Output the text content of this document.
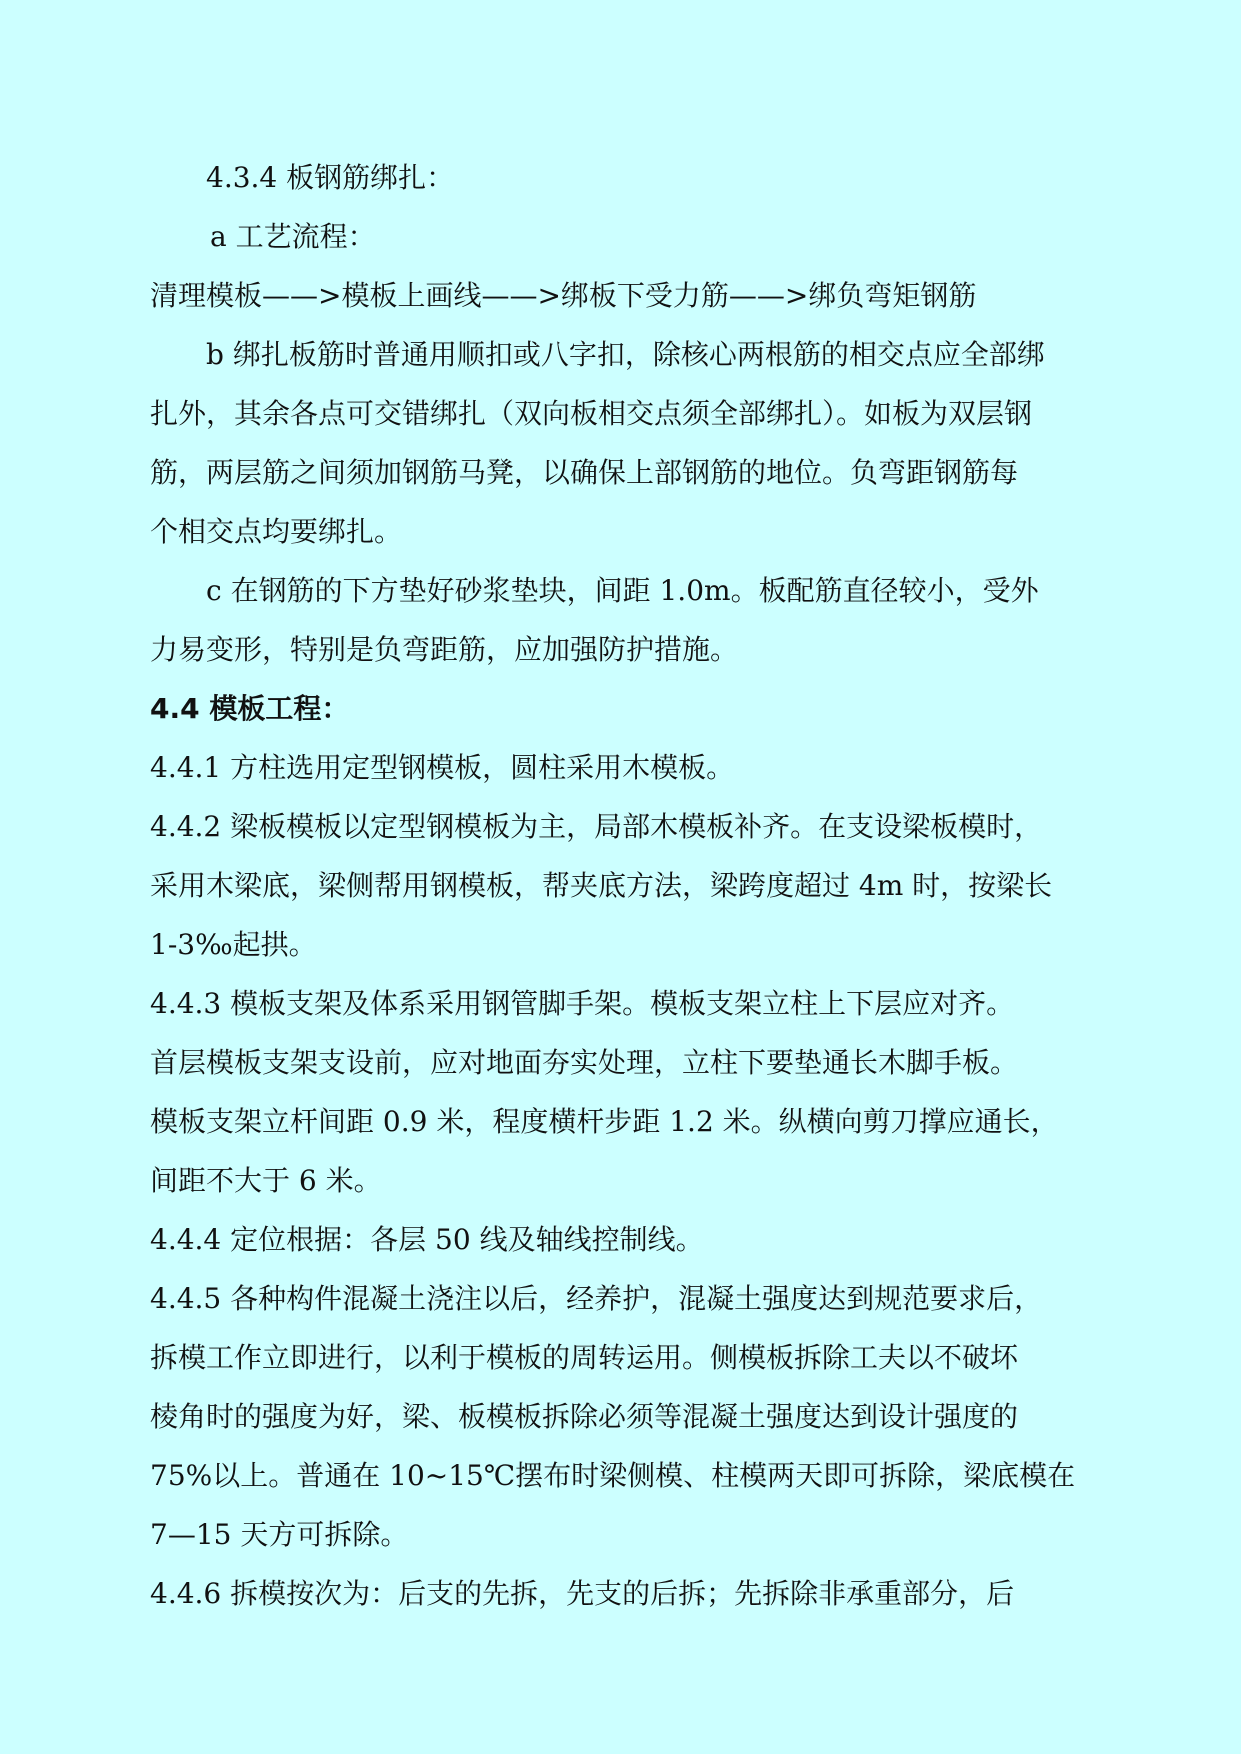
4.3.4 板钢筋绑扎：
a 工艺流程：
清理模板——>模板上画线——>绑板下受力筋——>绑负弯矩钢筋
b 绑扎板筋时普通用顺扣或八字扣，除核心两根筋的相交点应全部绑
扎外，其余各点可交错绑扎（双向板相交点须全部绑扎）。如板为双层钢
筋，两层筋之间须加钢筋马凳，以确保上部钢筋的地位。负弯距钢筋每
个相交点均要绑扎。
c 在钢筋的下方垫好砂浆垫块，间距 1.0m。板配筋直径较小，受外
力易变形，特别是负弯距筋，应加强防护措施。
4.4 模板工程：
4.4.1 方柱选用定型钢模板，圆柱采用木模板。
4.4.2 梁板模板以定型钢模板为主，局部木模板补齐。在支设梁板模时，
采用木梁底，梁侧帮用钢模板，帮夹底方法，梁跨度超过 4m 时，按梁长
1-3‰起拱。
4.4.3 模板支架及体系采用钢管脚手架。模板支架立柱上下层应对齐。
首层模板支架支设前，应对地面夯实处理，立柱下要垫通长木脚手板。
模板支架立杆间距 0.9 米，程度横杆步距 1.2 米。纵横向剪刀撑应通长，
间距不大于 6 米。
4.4.4 定位根据：各层 50 线及轴线控制线。
4.4.5 各种构件混凝土浇注以后，经养护，混凝土强度达到规范要求后，
拆模工作立即进行，以利于模板的周转运用。侧模板拆除工夫以不破坏
棱角时的强度为好，梁、板模板拆除必须等混凝土强度达到设计强度的
75%以上。普通在 10~15℃摆布时梁侧模、柱模两天即可拆除，梁底模在
7—15 天方可拆除。
4.4.6 拆模按次为：后支的先拆，先支的后拆；先拆除非承重部分，后
